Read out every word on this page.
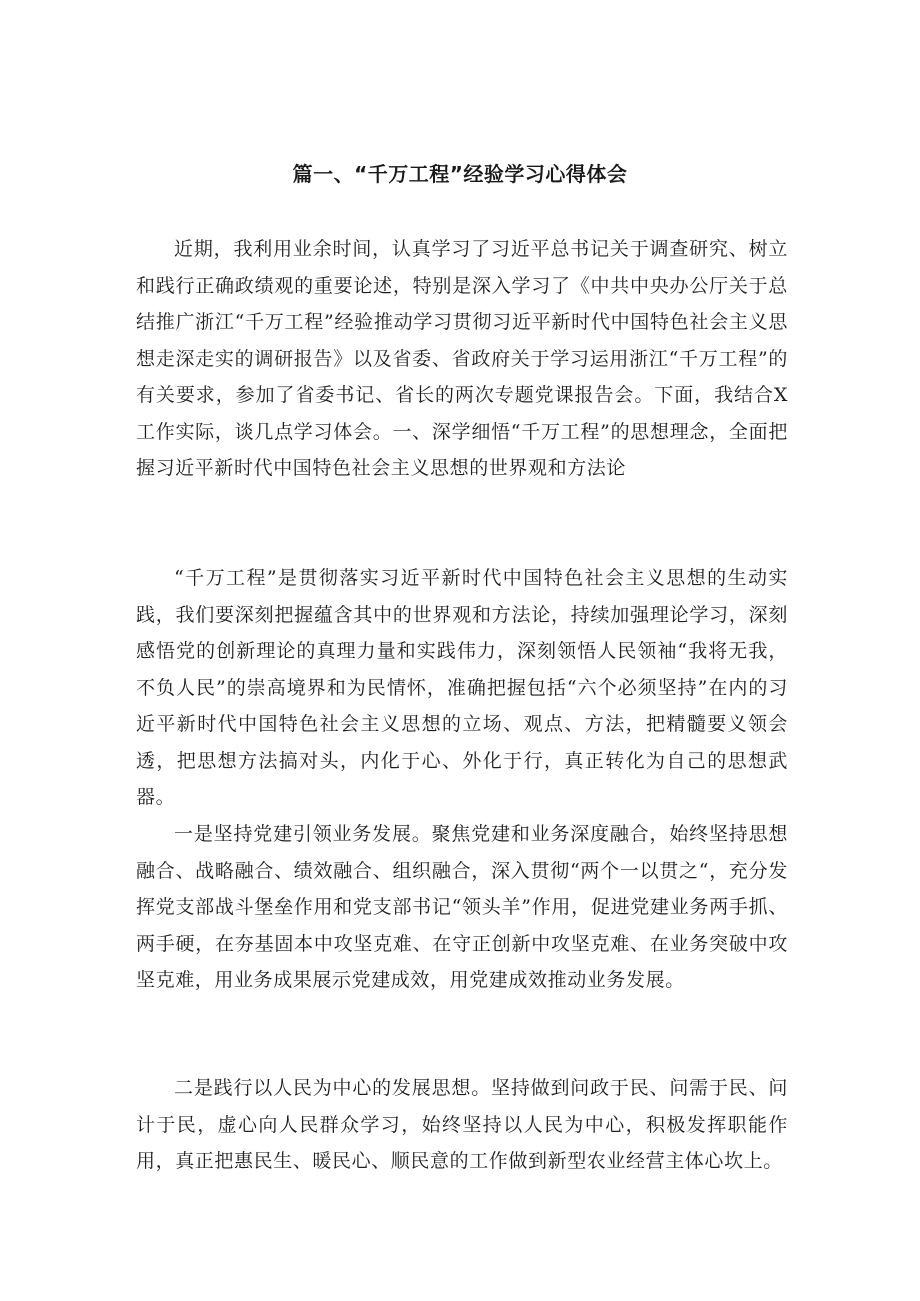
篇一、“千万工程”经验学习心得体会

近期，我利用业余时间，认真学习了习近平总书记关于调查研究、树立和践行正确政绩观的重要论述，特别是深入学习了《中共中央办公厅关于总结推广浙江“千万工程”经验推动学习贯彻习近平新时代中国特色社会主义思想走深走实的调研报告》以及省委、省政府关于学习运用浙江“千万工程”的有关要求，参加了省委书记、省长的两次专题党课报告会。下面，我结合X工作实际，谈几点学习体会。一、深学细悟“千万工程”的思想理念，全面把握习近平新时代中国特色社会主义思想的世界观和方法论

“千万工程”是贯彻落实习近平新时代中国特色社会主义思想的生动实践，我们要深刻把握蕴含其中的世界观和方法论，持续加强理论学习，深刻感悟党的创新理论的真理力量和实践伟力，深刻领悟人民领袖“我将无我，不负人民”的崇高境界和为民情怀，准确把握包括“六个必须坚持”在内的习近平新时代中国特色社会主义思想的立场、观点、方法，把精髓要义领会透，把思想方法搞对头，内化于心、外化于行，真正转化为自己的思想武器。

一是坚持党建引领业务发展。聚焦党建和业务深度融合，始终坚持思想融合、战略融合、绩效融合、组织融合，深入贯彻“两个一以贯之“，充分发挥党支部战斗堡垒作用和党支部书记“领头羊”作用，促进党建业务两手抓、两手硬，在夯基固本中攻坚克难、在守正创新中攻坚克难、在业务突破中攻坚克难，用业务成果展示党建成效，用党建成效推动业务发展。

二是践行以人民为中心的发展思想。坚持做到问政于民、问需于民、问计于民，虚心向人民群众学习，始终坚持以人民为中心，积极发挥职能作用，真正把惠民生、暖民心、顺民意的工作做到新型农业经营主体心坎上。
